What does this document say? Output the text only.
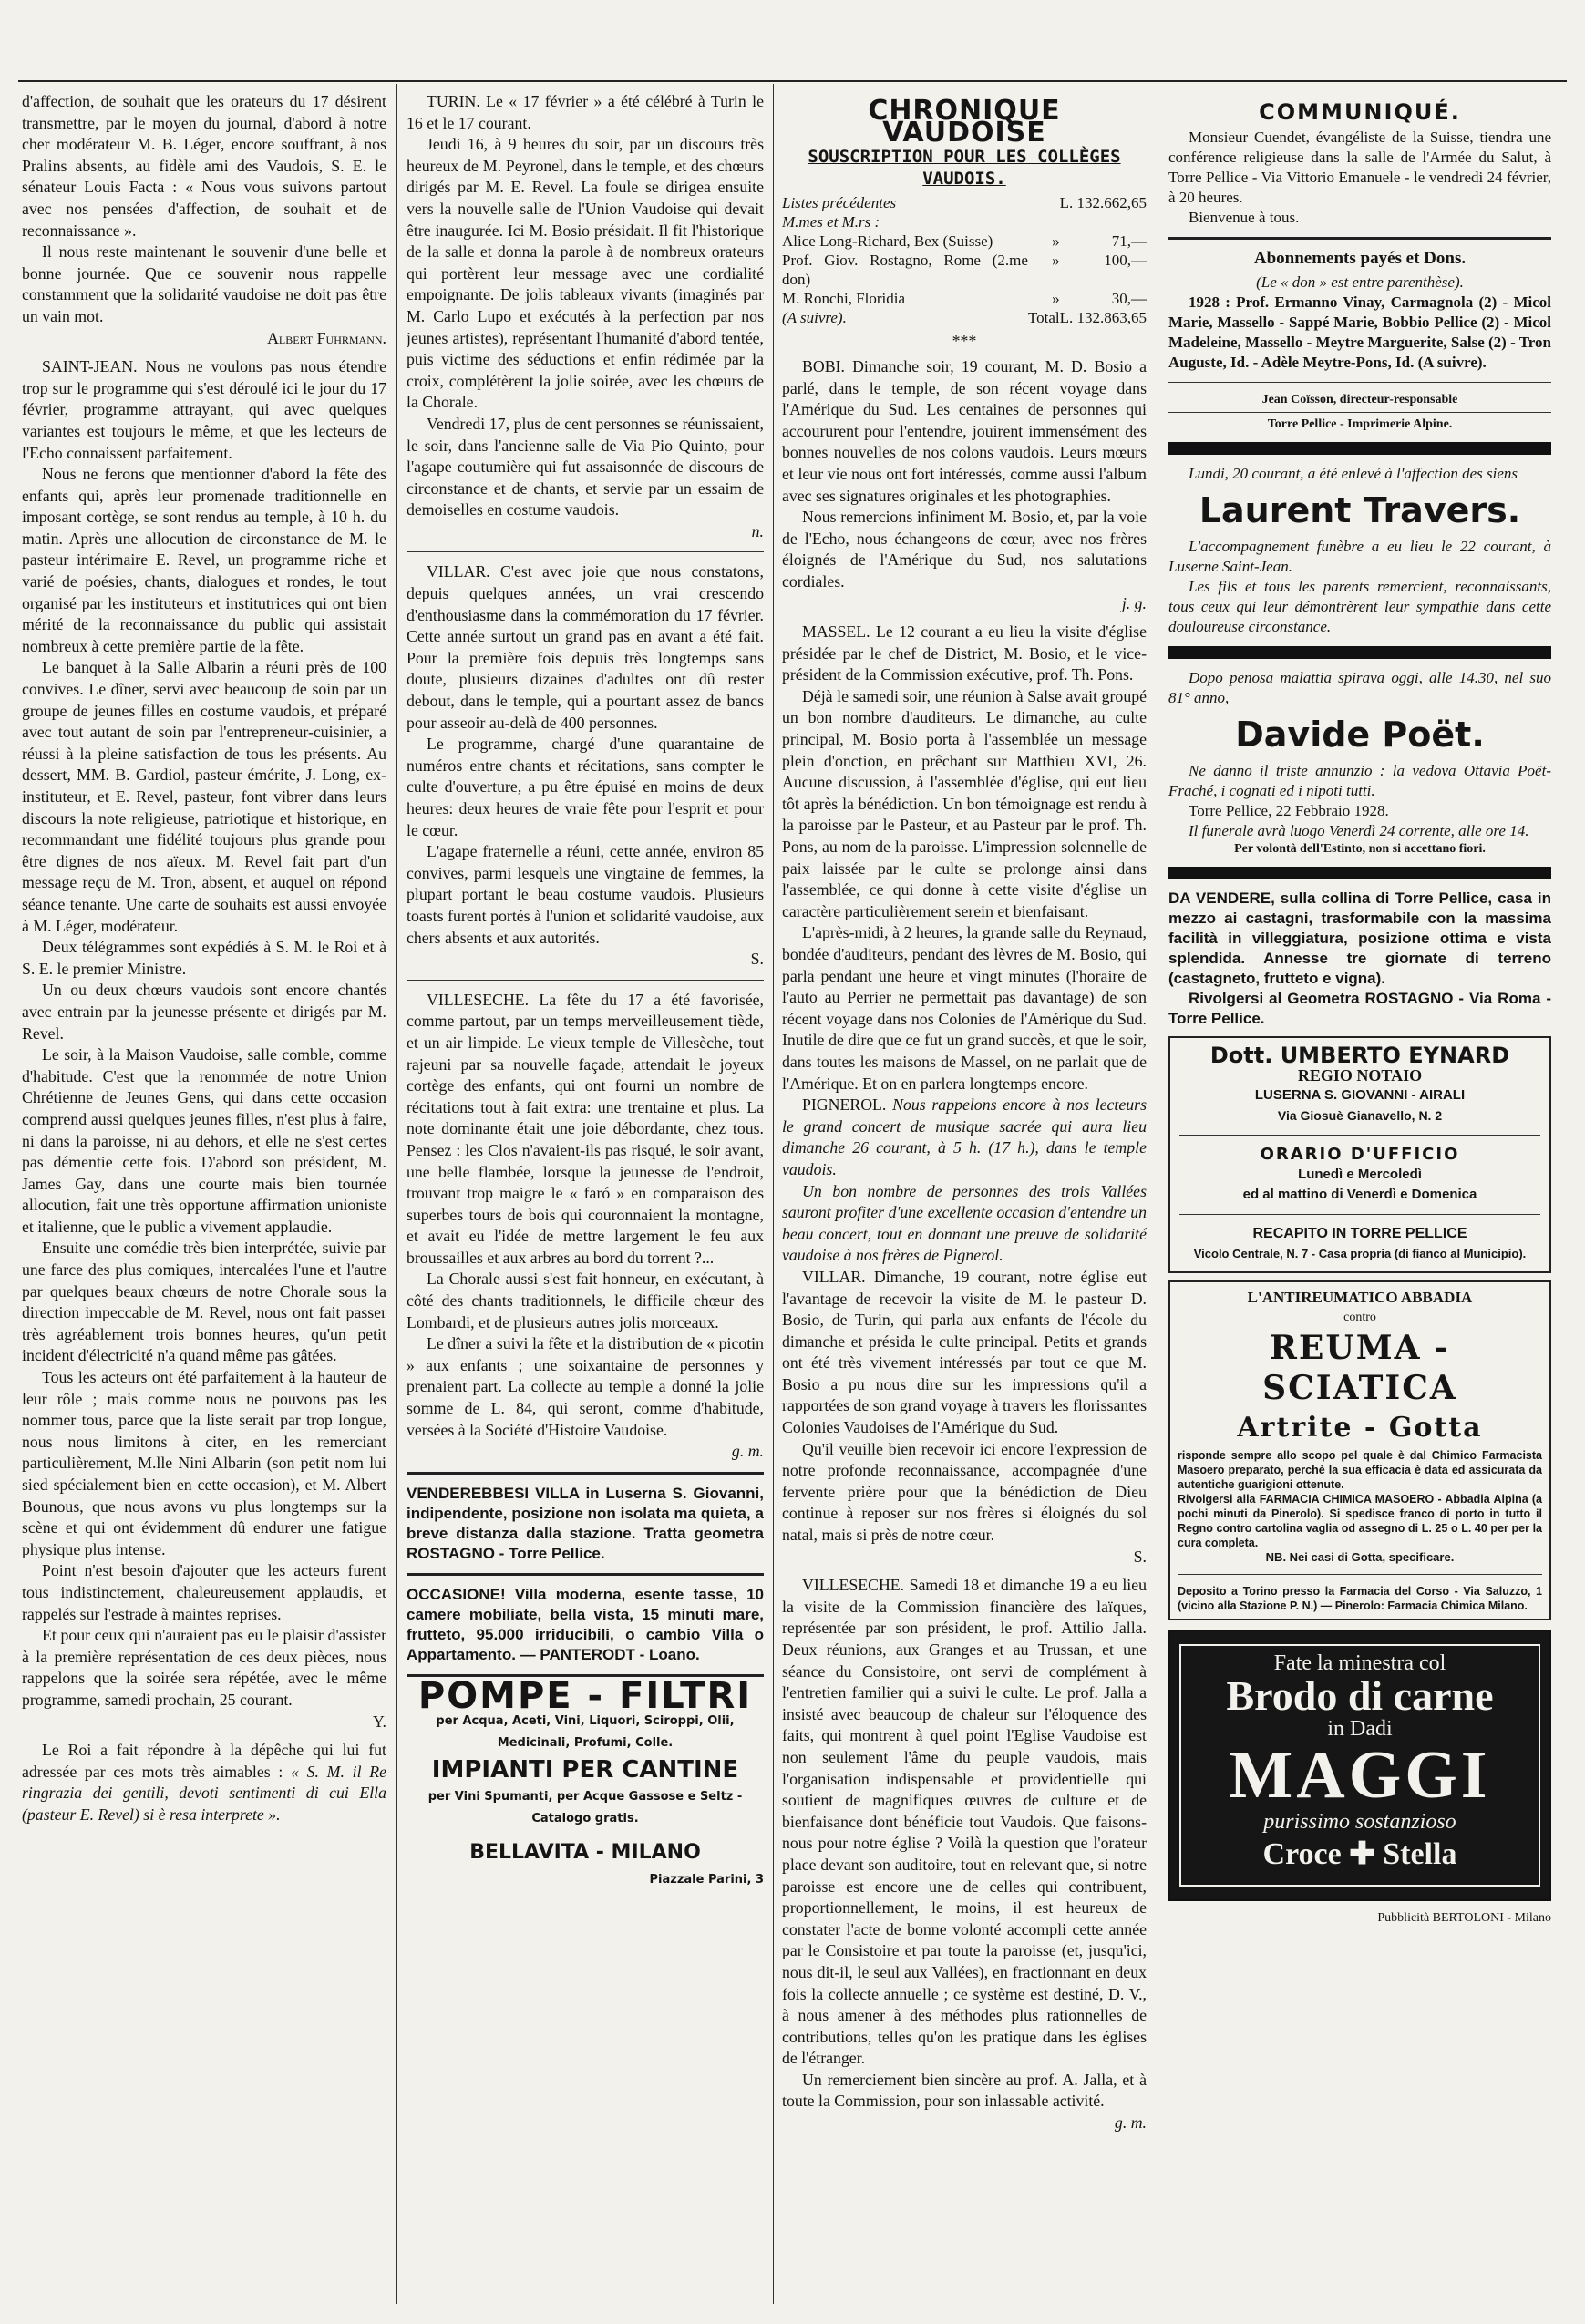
d'affection, de souhait que les orateurs du 17 désirent transmettre, par le moyen du journal, d'abord à notre cher modérateur M. B. Léger, encore souffrant, à nos Pralins absents, au fidèle ami des Vaudois, S. E. le sénateur Louis Facta : « Nous vous suivons partout avec nos pensées d'affection, de souhait et de reconnaissance ».

Il nous reste maintenant le souvenir d'une belle et bonne journée. Que ce souvenir nous rappelle constamment que la solidarité vaudoise ne doit pas être un vain mot.

Albert Fuhrmann.

SAINT-JEAN. Nous ne voulons pas nous étendre trop sur le programme qui s'est déroulé ici le jour du 17 février, programme attrayant, qui avec quelques variantes est toujours le même, et que les lecteurs de l'Echo connaissent parfaitement.

Nous ne ferons que mentionner d'abord la fête des enfants qui, après leur promenade traditionnelle en imposant cortège, se sont rendus au temple, à 10 h. du matin. Après une allocution de circonstance de M. le pasteur intérimaire E. Revel, un programme riche et varié de poésies, chants, dialogues et rondes, le tout organisé par les instituteurs et institutrices qui ont bien mérité de la reconnaissance du public qui assistait nombreux à cette première partie de la fête.

Le banquet à la Salle Albarin a réuni près de 100 convives. Le dîner, servi avec beaucoup de soin par un groupe de jeunes filles en costume vaudois, et préparé avec tout autant de soin par l'entrepreneur-cuisinier, a réussi à la pleine satisfaction de tous les présents. Au dessert, MM. B. Gardiol, pasteur émérite, J. Long, ex-instituteur, et E. Revel, pasteur, font vibrer dans leurs discours la note religieuse, patriotique et historique, en recommandant une fidélité toujours plus grande pour être dignes de nos aïeux. M. Revel fait part d'un message reçu de M. Tron, absent, et auquel on répond séance tenante. Une carte de souhaits est aussi envoyée à M. Léger, modérateur.

Deux télégrammes sont expédiés à S. M. le Roi et à S. E. le premier Ministre.

Un ou deux chœurs vaudois sont encore chantés avec entrain par la jeunesse présente et dirigés par M. Revel.

Le soir, à la Maison Vaudoise, salle comble, comme d'habitude. C'est que la renommée de notre Union Chrétienne de Jeunes Gens, qui dans cette occasion comprend aussi quelques jeunes filles, n'est plus à faire, ni dans la paroisse, ni au dehors, et elle ne s'est certes pas démentie cette fois. D'abord son président, M. James Gay, dans une courte mais bien tournée allocution, fait une très opportune affirmation unioniste et italienne, que le public a vivement applaudie.

Ensuite une comédie très bien interprétée, suivie par une farce des plus comiques, intercalées l'une et l'autre par quelques beaux chœurs de notre Chorale sous la direction impeccable de M. Revel, nous ont fait passer très agréablement trois bonnes heures, qu'un petit incident d'électricité n'a quand même pas gâtées.

Tous les acteurs ont été parfaitement à la hauteur de leur rôle ; mais comme nous ne pouvons pas les nommer tous, parce que la liste serait par trop longue, nous nous limitons à citer, en les remerciant particulièrement, M.lle Nini Albarin (son petit nom lui sied spécialement bien en cette occasion), et M. Albert Bounous, que nous avons vu plus longtemps sur la scène et qui ont évidemment dû endurer une fatigue physique plus intense.

Point n'est besoin d'ajouter que les acteurs furent tous indistinctement, chaleureusement applaudis, et rappelés sur l'estrade à maintes reprises.

Et pour ceux qui n'auraient pas eu le plaisir d'assister à la première représentation de ces deux pièces, nous rappelons que la soirée sera répétée, avec le même programme, samedi prochain, 25 courant.

Y.

Le Roi a fait répondre à la dépêche qui lui fut adressée par ces mots très aimables : « S. M. il Re ringrazia dei gentili, devoti sentimenti di cui Ella (pasteur E. Revel) si è resa interprete ».

TURIN. Le « 17 février » a été célébré à Turin le 16 et le 17 courant.

Jeudi 16, à 9 heures du soir, par un discours très heureux de M. Peyronel, dans le temple, et des chœurs dirigés par M. E. Revel. La foule se dirigea ensuite vers la nouvelle salle de l'Union Vaudoise qui devait être inaugurée. Ici M. Bosio présidait. Il fit l'historique de la salle et donna la parole à de nombreux orateurs qui portèrent leur message avec une cordialité empoignante. De jolis tableaux vivants (imaginés par M. Carlo Lupo et exécutés à la perfection par nos jeunes artistes), représentant l'humanité d'abord tentée, puis victime des séductions et enfin rédimée par la croix, complétèrent la jolie soirée, avec les chœurs de la Chorale.

Vendredi 17, plus de cent personnes se réunissaient, le soir, dans l'ancienne salle de Via Pio Quinto, pour l'agape coutumière qui fut assaisonnée de discours de circonstance et de chants, et servie par un essaim de demoiselles en costume vaudois.

n.

VILLAR. C'est avec joie que nous constatons, depuis quelques années, un vrai crescendo d'enthousiasme dans la commémoration du 17 février. Cette année surtout un grand pas en avant a été fait. Pour la première fois depuis très longtemps sans doute, plusieurs dizaines d'adultes ont dû rester debout, dans le temple, qui a pourtant assez de bancs pour asseoir au-delà de 400 personnes.

Le programme, chargé d'une quarantaine de numéros entre chants et récitations, sans compter le culte d'ouverture, a pu être épuisé en moins de deux heures: deux heures de vraie fête pour l'esprit et pour le cœur.

L'agape fraternelle a réuni, cette année, environ 85 convives, parmi lesquels une vingtaine de femmes, la plupart portant le beau costume vaudois. Plusieurs toasts furent portés à l'union et solidarité vaudoise, aux chers absents et aux autorités.

S.

VILLESECHE. La fête du 17 a été favorisée, comme partout, par un temps merveilleusement tiède, et un air limpide. Le vieux temple de Villesèche, tout rajeuni par sa nouvelle façade, attendait le joyeux cortège des enfants, qui ont fourni un nombre de récitations tout à fait extra: une trentaine et plus. La note dominante était une joie débordante, chez tous. Pensez : les Clos n'avaient-ils pas risqué, le soir avant, une belle flambée, lorsque la jeunesse de l'endroit, trouvant trop maigre le « faró » en comparaison des superbes tours de bois qui couronnaient la montagne, et avait eu l'idée de mettre largement le feu aux broussailles et aux arbres au bord du torrent ?...

La Chorale aussi s'est fait honneur, en exécutant, à côté des chants traditionnels, le difficile chœur des Lombardi, et de plusieurs autres jolis morceaux.

Le dîner a suivi la fête et la distribution de « picotin » aux enfants ; une soixantaine de personnes y prenaient part. La collecte au temple a donné la jolie somme de L. 84, qui seront, comme d'habitude, versées à la Société d'Histoire Vaudoise.

g. m.

VENDEREBBESI VILLA in Luserna S. Giovanni, indipendente, posizione non isolata ma quieta, a breve distanza dalla stazione. Tratta geometra ROSTAGNO - Torre Pellice.

OCCASIONE! Villa moderna, esente tasse, 10 camere mobiliate, bella vista, 15 minuti mare, frutteto, 95.000 irriducibili, o cambio Villa o Appartamento. — PANTERODT - Loano.

POMPE - FILTRI
per Acqua, Aceti, Vini, Liquori, Sciroppi, Olii, Medicinali, Profumi, Colle.
IMPIANTI PER CANTINE
per Vini Spumanti, per Acque Gassose e Seltz - Catalogo gratis.
BELLAVITA - MILANO
Piazzale Parini, 3
CHRONIQUE VAUDOISE
SOUSCRIPTION POUR LES COLLÈGES VAUDOIS.
Listes précédentes		L. 132.662,65
M.mes et M.rs :		
Alice Long-Richard, Bex (Suisse)	»	71,—
Prof. Giov. Rostagno, Rome (2.me don)	»	100,—
M. Ronchi, Floridia	»	30,—
(A suivre).	Total	L. 132.863,65
***

BOBI. Dimanche soir, 19 courant, M. D. Bosio a parlé, dans le temple, de son récent voyage dans l'Amérique du Sud. Les centaines de personnes qui accoururent pour l'entendre, jouirent immensément des bonnes nouvelles de nos colons vaudois. Leurs mœurs et leur vie nous ont fort intéressés, comme aussi l'album avec ses signatures originales et les photographies.

Nous remercions infiniment M. Bosio, et, par la voie de l'Echo, nous échangeons de cœur, avec nos frères éloignés de l'Amérique du Sud, nos salutations cordiales.

j. g.

MASSEL. Le 12 courant a eu lieu la visite d'église présidée par le chef de District, M. Bosio, et le vice-président de la Commission exécutive, prof. Th. Pons.

Déjà le samedi soir, une réunion à Salse avait groupé un bon nombre d'auditeurs. Le dimanche, au culte principal, M. Bosio porta à l'assemblée un message plein d'onction, en prêchant sur Matthieu XVI, 26. Aucune discussion, à l'assemblée d'église, qui eut lieu tôt après la bénédiction. Un bon témoignage est rendu à la paroisse par le Pasteur, et au Pasteur par le prof. Th. Pons, au nom de la paroisse. L'impression solennelle de paix laissée par le culte se prolonge ainsi dans l'assemblée, ce qui donne à cette visite d'église un caractère particulièrement serein et bienfaisant.

L'après-midi, à 2 heures, la grande salle du Reynaud, bondée d'auditeurs, pendant des lèvres de M. Bosio, qui parla pendant une heure et vingt minutes (l'horaire de l'auto au Perrier ne permettait pas davantage) de son récent voyage dans nos Colonies de l'Amérique du Sud. Inutile de dire que ce fut un grand succès, et que le soir, dans toutes les maisons de Massel, on ne parlait que de l'Amérique. Et on en parlera longtemps encore.

PIGNEROL. Nous rappelons encore à nos lecteurs le grand concert de musique sacrée qui aura lieu dimanche 26 courant, à 5 h. (17 h.), dans le temple vaudois.

Un bon nombre de personnes des trois Vallées sauront profiter d'une excellente occasion d'entendre un beau concert, tout en donnant une preuve de solidarité vaudoise à nos frères de Pignerol.

VILLAR. Dimanche, 19 courant, notre église eut l'avantage de recevoir la visite de M. le pasteur D. Bosio, de Turin, qui parla aux enfants de l'école du dimanche et présida le culte principal. Petits et grands ont été très vivement intéressés par tout ce que M. Bosio a pu nous dire sur les impressions qu'il a rapportées de son grand voyage à travers les florissantes Colonies Vaudoises de l'Amérique du Sud.

Qu'il veuille bien recevoir ici encore l'expression de notre profonde reconnaissance, accompagnée d'une fervente prière pour que la bénédiction de Dieu continue à reposer sur nos frères si éloignés du sol natal, mais si près de notre cœur.

S.

VILLESECHE. Samedi 18 et dimanche 19 a eu lieu la visite de la Commission financière des laïques, représentée par son président, le prof. Attilio Jalla. Deux réunions, aux Granges et au Trussan, et une séance du Consistoire, ont servi de complément à l'entretien familier qui a suivi le culte. Le prof. Jalla a insisté avec beaucoup de chaleur sur l'éloquence des faits, qui montrent à quel point l'Eglise Vaudoise est non seulement l'âme du peuple vaudois, mais l'organisation indispensable et providentielle qui soutient de magnifiques œuvres de culture et de bienfaisance dont bénéficie tout Vaudois. Que faisons-nous pour notre église ? Voilà la question que l'orateur place devant son auditoire, tout en relevant que, si notre paroisse est encore une de celles qui contribuent, proportionnellement, le moins, il est heureux de constater l'acte de bonne volonté accompli cette année par le Consistoire et par toute la paroisse (et, jusqu'ici, nous dit-il, le seul aux Vallées), en fractionnant en deux fois la collecte annuelle ; ce système est destiné, D. V., à nous amener à des méthodes plus rationnelles de contributions, telles qu'on les pratique dans les églises de l'étranger.

Un remerciement bien sincère au prof. A. Jalla, et à toute la Commission, pour son inlassable activité.

g. m.

COMMUNIQUÉ.

Monsieur Cuendet, évangéliste de la Suisse, tiendra une conférence religieuse dans la salle de l'Armée du Salut, à Torre Pellice - Via Vittorio Emanuele - le vendredi 24 février, à 20 heures.

Bienvenue à tous.

Abonnements payés et Dons.

(Le « don » est entre parenthèse).

1928 : Prof. Ermanno Vinay, Carmagnola (2) - Micol Marie, Massello - Sappé Marie, Bobbio Pellice (2) - Micol Madeleine, Massello - Meytre Marguerite, Salse (2) - Tron Auguste, Id. - Adèle Meytre-Pons, Id. (A suivre).

Jean Coïsson, directeur-responsable

Torre Pellice - Imprimerie Alpine.

Lundi, 20 courant, a été enlevé à l'affection des siens

Laurent Travers.

L'accompagnement funèbre a eu lieu le 22 courant, à Luserne Saint-Jean.

Les fils et tous les parents remercient, reconnaissants, tous ceux qui leur démontrèrent leur sympathie dans cette douloureuse circonstance.

Dopo penosa malattia spirava oggi, alle 14.30, nel suo 81° anno,

Davide Poët.

Ne danno il triste annunzio : la vedova Ottavia Poët-Fraché, i cognati ed i nipoti tutti.

Torre Pellice, 22 Febbraio 1928.

Il funerale avrà luogo Venerdì 24 corrente, alle ore 14.

Per volontà dell'Estinto, non si accettano fiori.

DA VENDERE, sulla collina di Torre Pellice, casa in mezzo ai castagni, trasformabile con la massima facilità in villeggiatura, posizione ottima e vista splendida. Annesse tre giornate di terreno (castagneto, frutteto e vigna).

Rivolgersi al Geometra ROSTAGNO - Via Roma - Torre Pellice.

Dott. UMBERTO EYNARD
REGIO NOTAIO
LUSERNA S. GIOVANNI - AIRALI
Via Giosuè Gianavello, N. 2
ORARIO D'UFFICIO
Lunedì e Mercoledì
ed al mattino di Venerdì e Domenica
RECAPITO IN TORRE PELLICE
Vicolo Centrale, N. 7 - Casa propria (di fianco al Municipio).
L'ANTIREUMATICO ABBADIA
contro
REUMA - SCIATICA
Artrite - Gotta

risponde sempre allo scopo pel quale è dal Chimico Farmacista Masoero preparato, perchè la sua efficacia è data ed assicurata da autentiche guarigioni ottenute.

Rivolgersi alla FARMACIA CHIMICA MASOERO - Abbadia Alpina (a pochi minuti da Pinerolo). Si spedisce franco di porto in tutto il Regno contro cartolina vaglia od assegno di L. 25 o L. 40 per per la cura completa.

NB. Nei casi di Gotta, specificare.

Deposito a Torino presso la Farmacia del Corso - Via Saluzzo, 1 (vicino alla Stazione P. N.) — Pinerolo: Farmacia Chimica Milano.

Fate la minestra col
Brodo di carne
in Dadi
MAGGI
purissimo sostanzioso
Croce ✚ Stella

Pubblicità BERTOLONI - Milano
